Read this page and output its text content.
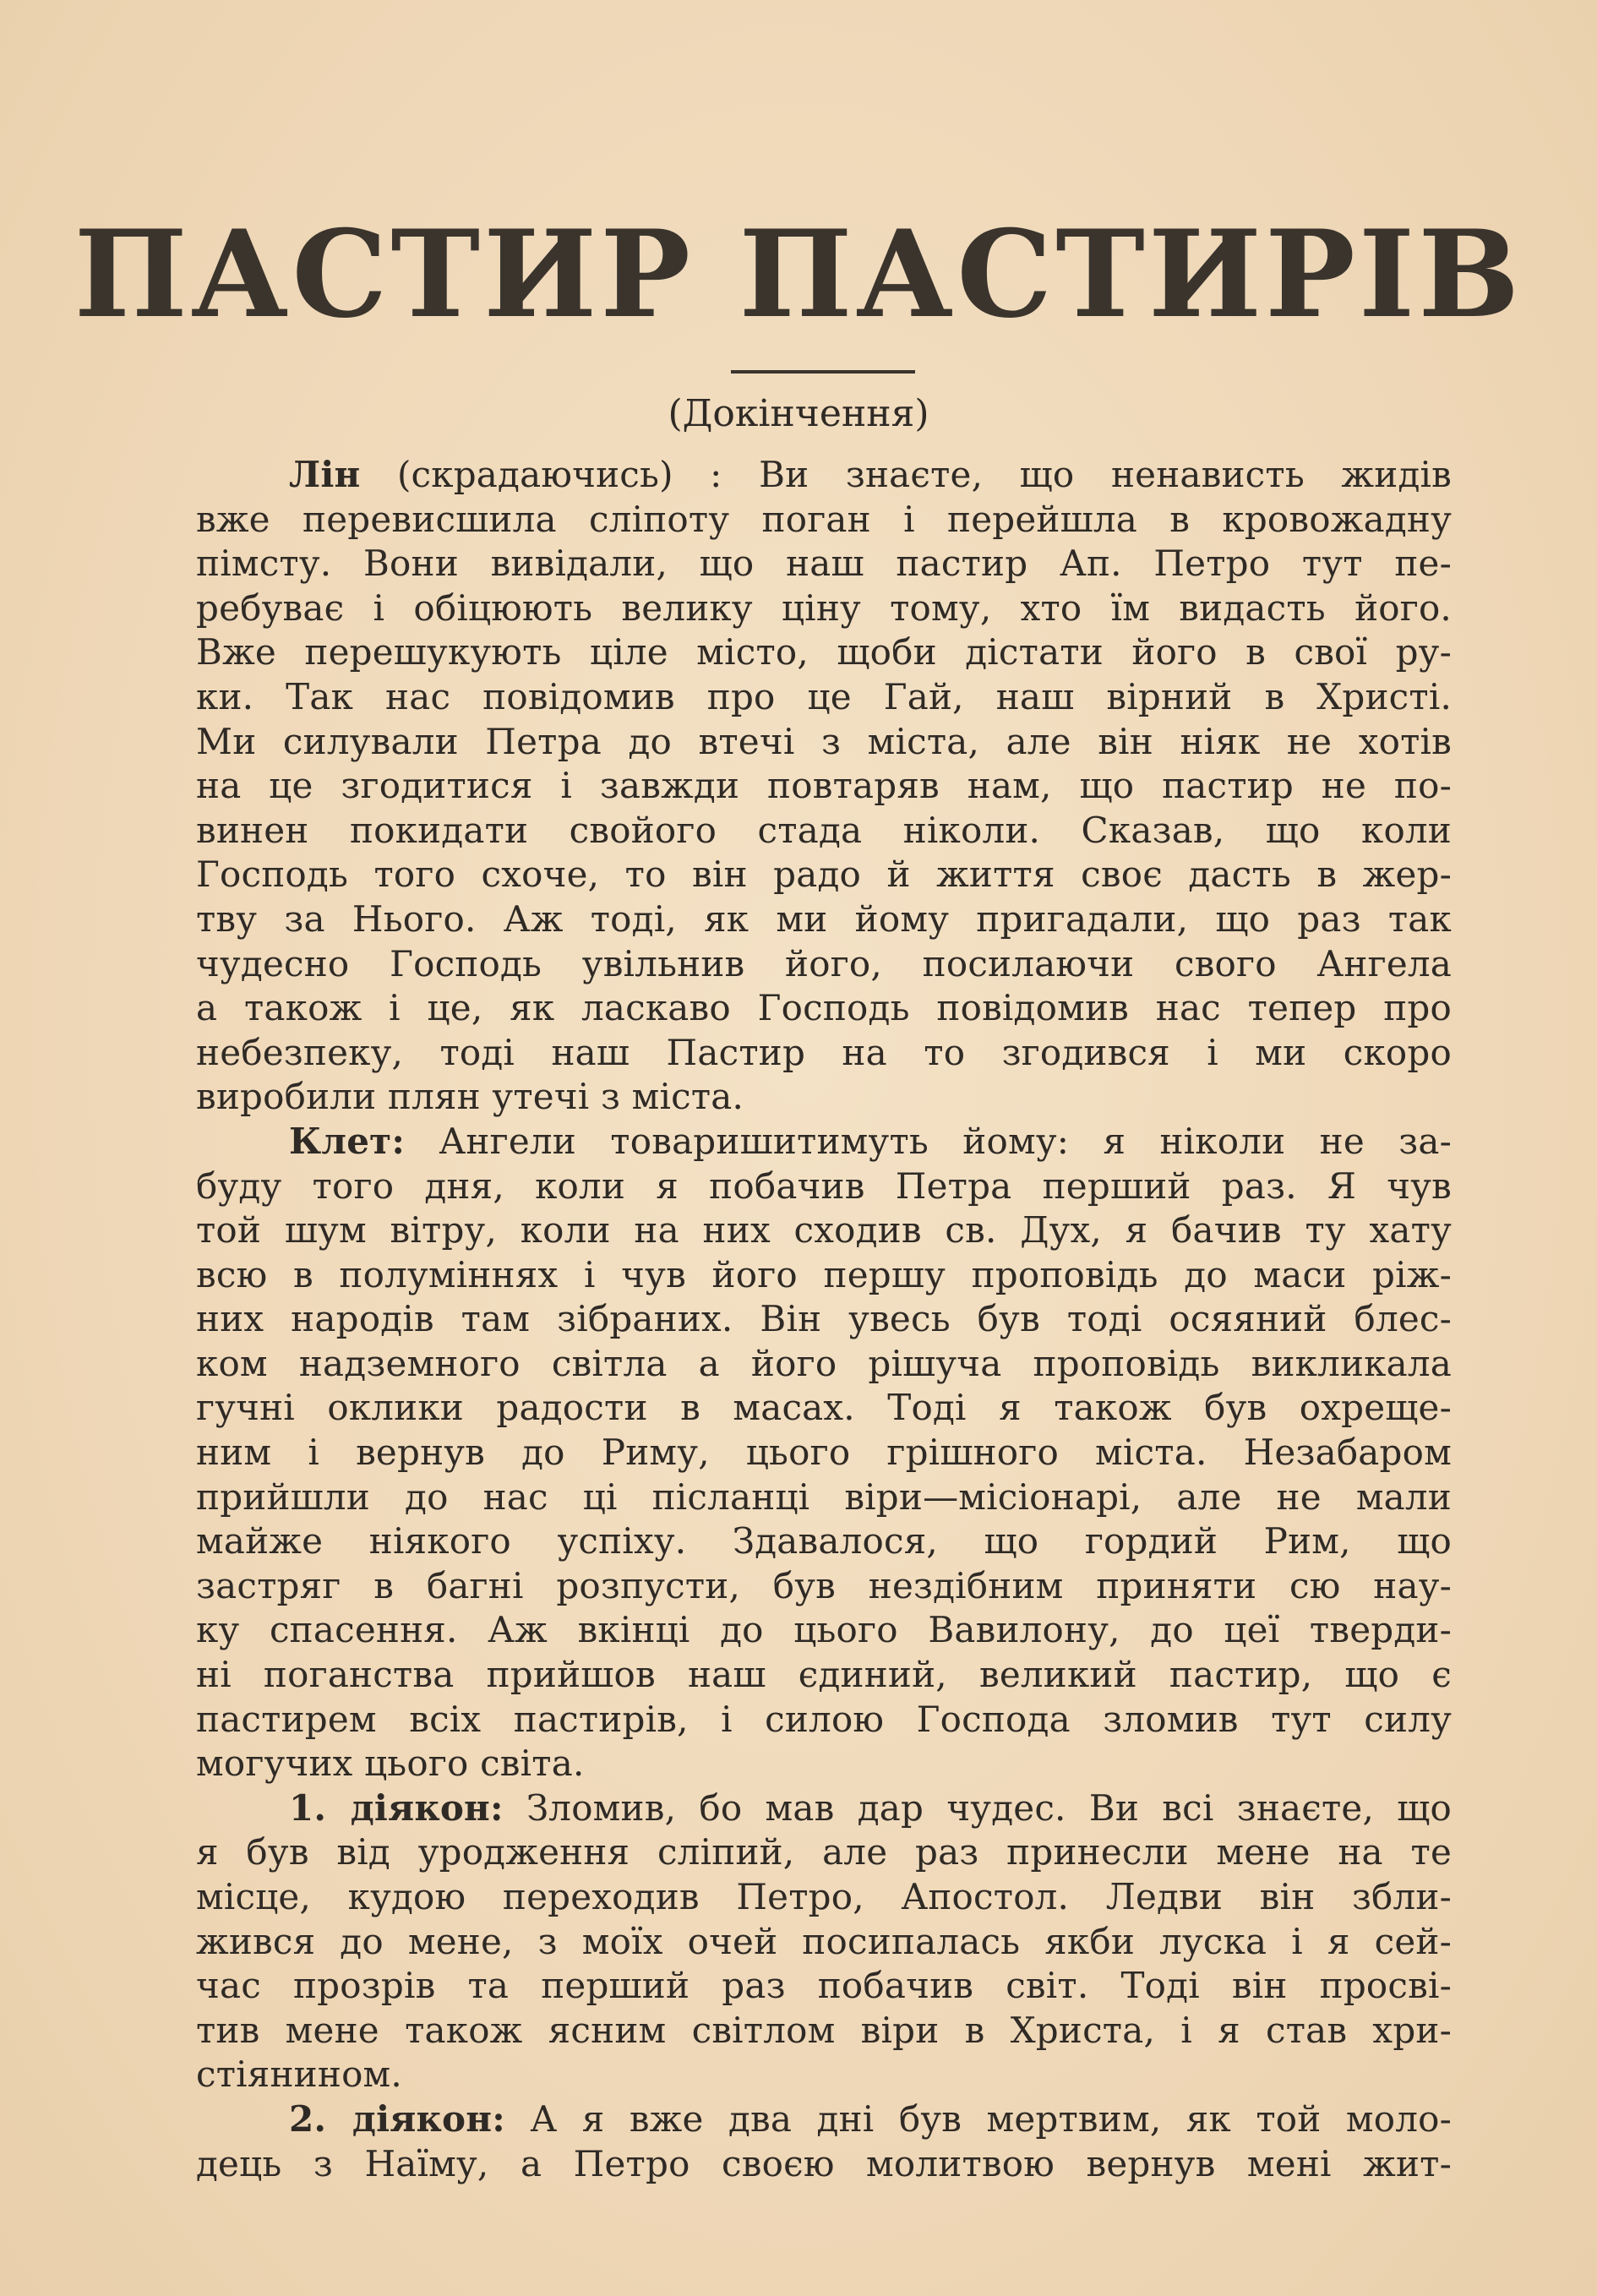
ПАСТИР ПАСТИРІВ
(Докінчення)
Лін (скрадаючись) : Ви знаєте, що ненависть жидів
вже перевисшила сліпоту поган і перейшла в кровожадну
пімсту. Вони вивідали, що наш пастир Ап. Петро тут пе-
ребуває і обіцюють велику ціну тому, хто їм видасть його.
Вже перешукують ціле місто, щоби дістати його в свої ру-
ки. Так нас повідомив про це Гай, наш вірний в Христі.
Ми силували Петра до втечі з міста, але він ніяк не хотів
на це згодитися і завжди повтаряв нам, що пастир не по-
винен покидати свойого стада ніколи. Сказав, що коли
Господь того схоче, то він радо й життя своє дасть в жер-
тву за Нього. Аж тоді, як ми йому пригадали, що раз так
чудесно Господь увільнив його, посилаючи свого Ангела
а також і це, як ласкаво Господь повідомив нас тепер про
небезпеку, тоді наш Пастир на то згодився і ми скоро
виробили плян утечі з міста.
Клет: Ангели товаришитимуть йому: я ніколи не за-
буду того дня, коли я побачив Петра перший раз. Я чув
той шум вітру, коли на них сходив св. Дух, я бачив ту хату
всю в полуміннях і чув його першу проповідь до маси ріж-
них народів там зібраних. Він увесь був тоді осяяний блес-
ком надземного світла а його рішуча проповідь викликала
гучні оклики радости в масах. Тоді я також був охреще-
ним і вернув до Риму, цього грішного міста. Незабаром
прийшли до нас ці післанці віри—місіонарі, але не мали
майже ніякого успіху. Здавалося, що гордий Рим, що
застряг в багні розпусти, був нездібним приняти сю нау-
ку спасення. Аж вкінці до цього Вавилону, до цеї тверди-
ні поганства прийшов наш єдиний, великий пастир, що є
пастирем всіх пастирів, і силою Господа зломив тут силу
могучих цього світа.
1. діякон: Зломив, бо мав дар чудес. Ви всі знаєте, що
я був від уродження сліпий, але раз принесли мене на те
місце, кудою переходив Петро, Апостол. Ледви він збли-
жився до мене, з моїх очей посипалась якби луска і я сей-
час прозрів та перший раз побачив світ. Тоді він просві-
тив мене також ясним світлом віри в Христа, і я став хри-
стіянином.
2. діякон: А я вже два дні був мертвим, як той моло-
дець з Наїму, а Петро своєю молитвою вернув мені жит-
